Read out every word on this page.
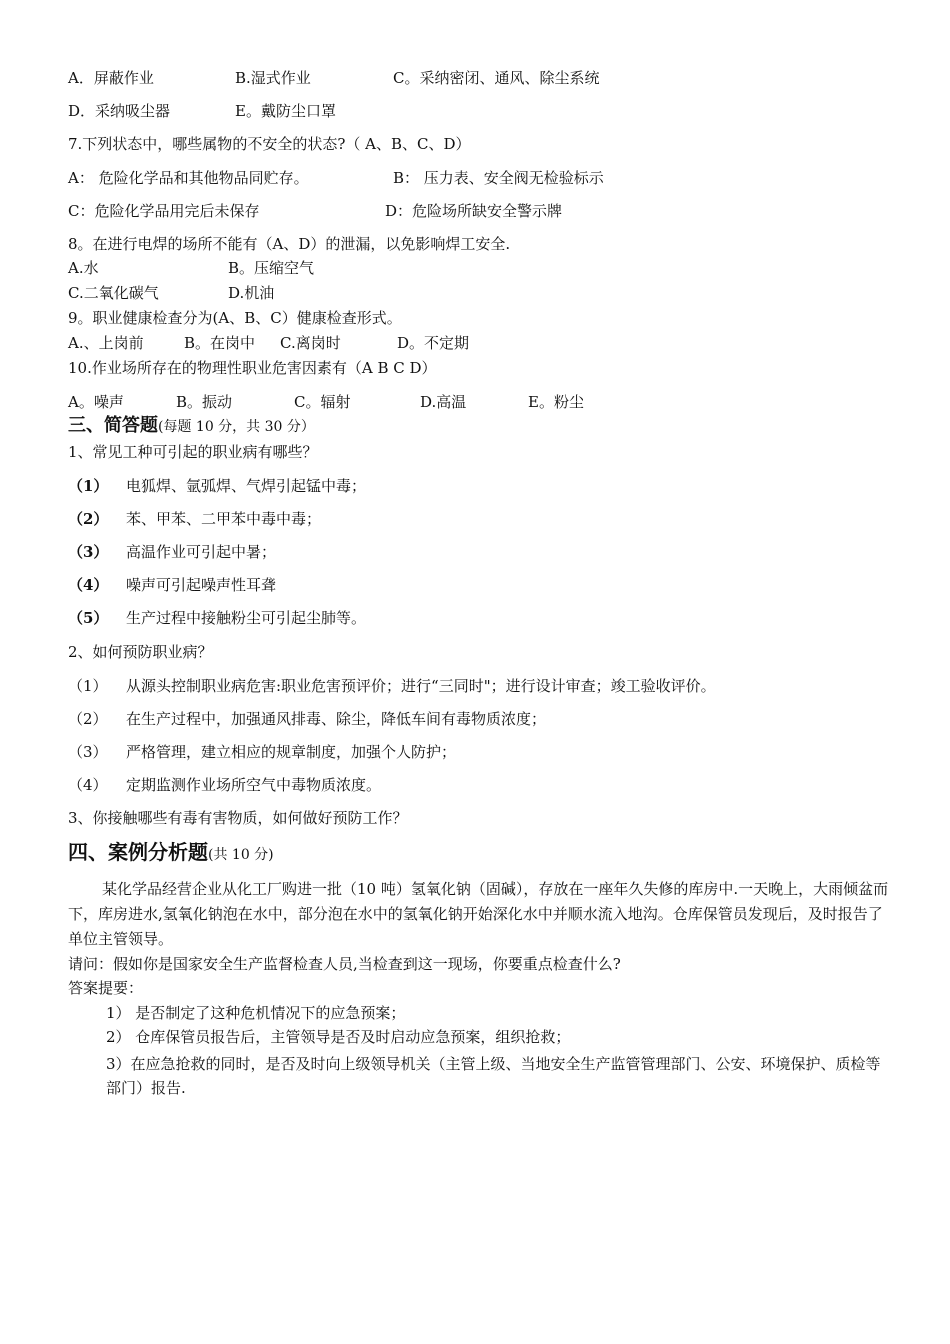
A．屏蔽作业	B.湿式作业	C。采纳密闭、通风、除尘系统
D．采纳吸尘器	E。戴防尘口罩
7.下列状态中，哪些属物的不安全的状态?（ A、B、C、D）
A： 危险化学品和其他物品同贮存。	B： 压力表、安全阀无检验标示
C：危险化学品用完后未保存	D：危险场所缺安全警示牌
8。在进行电焊的场所不能有（A、D）的泄漏，以免影响焊工安全.
A.水	B。压缩空气
C.二氧化碳气	D.机油
9。职业健康检查分为(A、B、C）健康检查形式。
A.、上岗前	B。在岗中 C.离岗时	D。不定期
10.作业场所存在的物理性职业危害因素有（A B C D）
A。噪声	B。振动	C。辐射	D.高温	E。粉尘
三、简答题(每题 10 分，共 30 分）
1、常见工种可引起的职业病有哪些？
（1） 电狐焊、氩弧焊、气焊引起锰中毒；
（2） 苯、甲苯、二甲苯中毒中毒；
（3） 高温作业可引起中暑；
（4） 噪声可引起噪声性耳聋
（5） 生产过程中接触粉尘可引起尘肺等。
2、如何预防职业病？
（1） 从源头控制职业病危害:职业危害预评价；进行“三同时"；进行设计审查；竣工验收评价。
（2） 在生产过程中，加强通风排毒、除尘，降低车间有毒物质浓度；
（3） 严格管理，建立相应的规章制度，加强个人防护；
（4） 定期监测作业场所空气中毒物质浓度。
3、你接触哪些有毒有害物质，如何做好预防工作？
四、案例分析题(共 10 分)
某化学品经营企业从化工厂购进一批（10 吨）氢氧化钠（固碱），存放在一座年久失修的库房中.一天晚上，大雨倾盆而下，库房进水,氢氧化钠泡在水中，部分泡在水中的氢氧化钠开始深化水中并顺水流入地沟。仓库保管员发现后，及时报告了单位主管领导。
请问：假如你是国家安全生产监督检查人员,当检查到这一现场，你要重点检查什么?
答案提要：
1） 是否制定了这种危机情况下的应急预案；
2） 仓库保管员报告后，主管领导是否及时启动应急预案，组织抢救；
3）在应急抢救的同时，是否及时向上级领导机关（主管上级、当地安全生产监管管理部门、公安、环境保护、质检等部门）报告.
